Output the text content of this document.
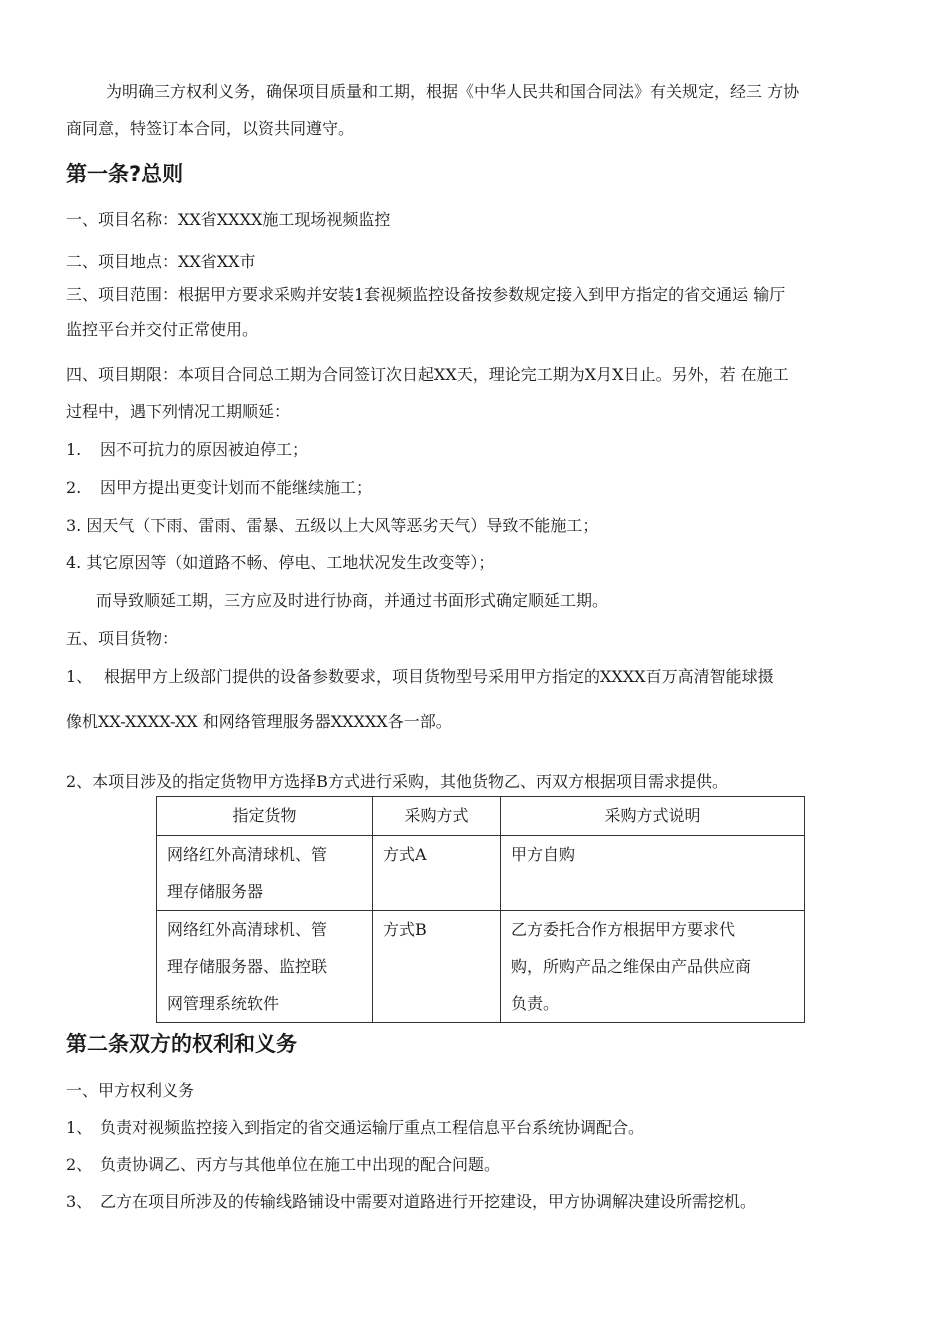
为明确三方权利义务，确保项目质量和工期，根据《中华人民共和国合同法》有关规定，经三 方协
商同意，特签订本合同，以资共同遵守。
第一条?总则
一、项目名称：XX省XXXX施工现场视频监控
二、项目地点：XX省XX市
三、项目范围：根据甲方要求采购并安装1套视频监控设备按参数规定接入到甲方指定的省交通运 输厅
监控平台并交付正常使用。
四、项目期限：本项目合同总工期为合同签订次日起XX天，理论完工期为X月X日止。另外，若 在施工
过程中，遇下列情况工期顺延：
1. 因不可抗力的原因被迫停工；
2. 因甲方提出更变计划而不能继续施工；
3. 因天气（下雨、雷雨、雷暴、五级以上大风等恶劣天气）导致不能施工；
4. 其它原因等（如道路不畅、停电、工地状况发生改变等）；
而导致顺延工期，三方应及时进行协商，并通过书面形式确定顺延工期。
五、项目货物：
1、 根据甲方上级部门提供的设备参数要求，项目货物型号采用甲方指定的XXXX百万高清智能球摄
像机XX-XXXX-XX 和网络管理服务器XXXXX各一部。
2、本项目涉及的指定货物甲方选择B方式进行采购，其他货物乙、丙双方根据项目需求提供。
指定货物	采购方式	采购方式说明
网络红外高清球机、管
理存储服务器	方式A	甲方自购
网络红外高清球机、管
理存储服务器、监控联
网管理系统软件	方式B	乙方委托合作方根据甲方要求代
购，所购产品之维保由产品供应商
负责。
第二条双方的权利和义务
一、甲方权利义务
1、 负责对视频监控接入到指定的省交通运输厅重点工程信息平台系统协调配合。
2、 负责协调乙、丙方与其他单位在施工中出现的配合问题。
3、 乙方在项目所涉及的传输线路铺设中需要对道路进行开挖建设，甲方协调解决建设所需挖机。
